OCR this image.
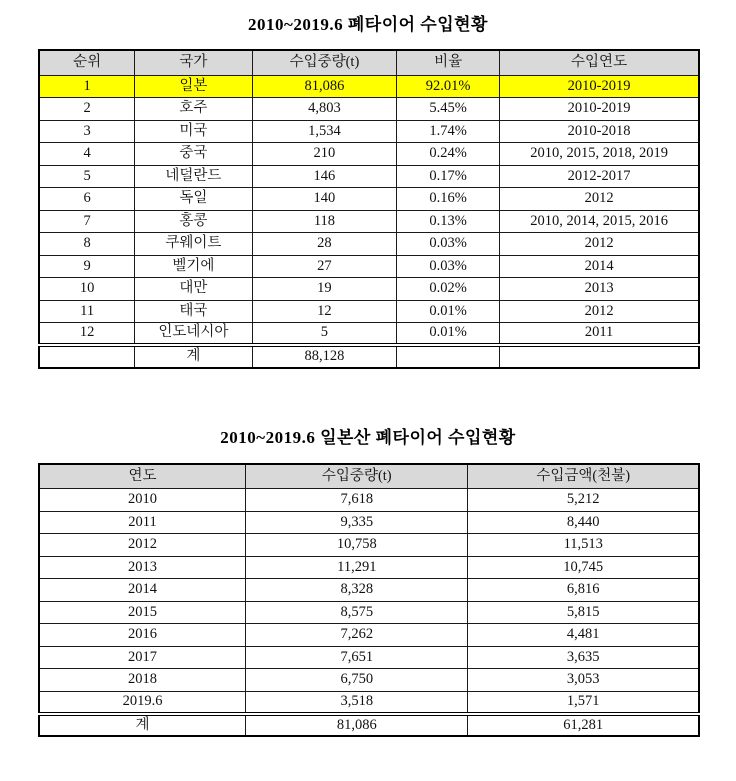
2010~2019.6 폐타이어 수입현황
순위	국가	수입중량(t)	비율	수입연도
1	일본	81,086	92.01%	2010-2019
2	호주	4,803	5.45%	2010-2019
3	미국	1,534	1.74%	2010-2018
4	중국	210	0.24%	2010, 2015, 2018, 2019
5	네덜란드	146	0.17%	2012-2017
6	독일	140	0.16%	2012
7	홍콩	118	0.13%	2010, 2014, 2015, 2016
8	쿠웨이트	28	0.03%	2012
9	벨기에	27	0.03%	2014
10	대만	19	0.02%	2013
11	태국	12	0.01%	2012
12	인도네시아	5	0.01%	2011
	계	88,128		
2010~2019.6 일본산 폐타이어 수입현황
연도	수입중량(t)	수입금액(천불)
2010	7,618	5,212
2011	9,335	8,440
2012	10,758	11,513
2013	11,291	10,745
2014	8,328	6,816
2015	8,575	5,815
2016	7,262	4,481
2017	7,651	3,635
2018	6,750	3,053
2019.6	3,518	1,571
계	81,086	61,281
